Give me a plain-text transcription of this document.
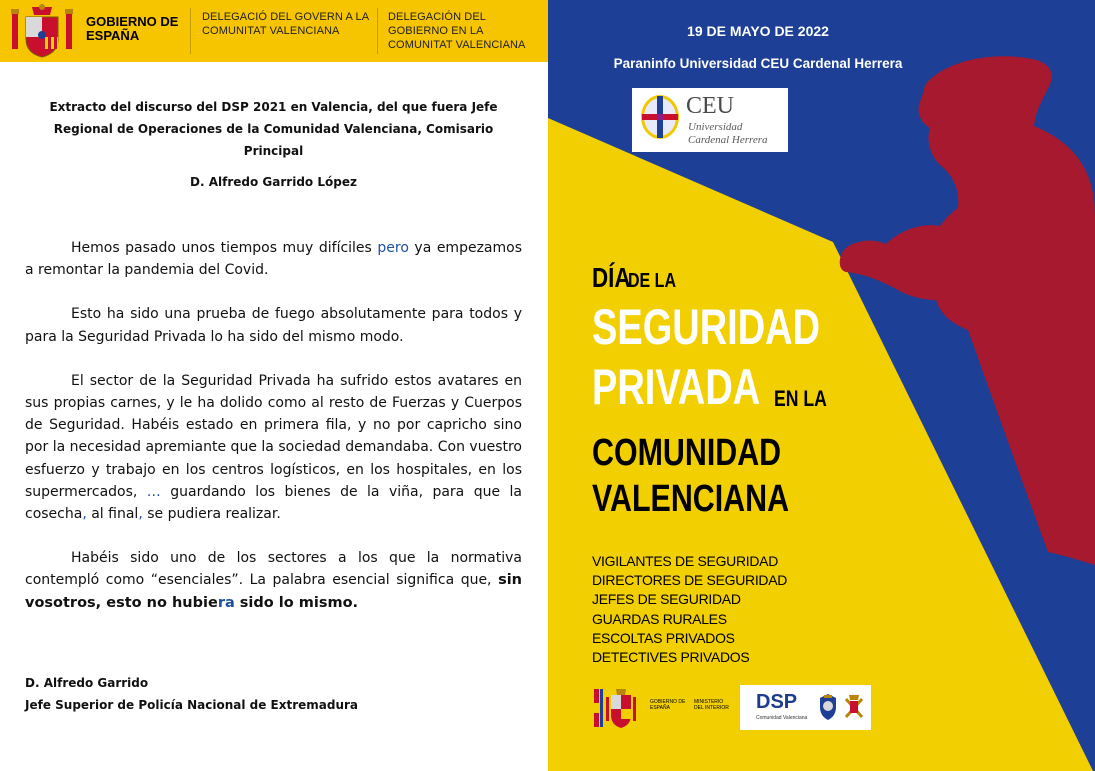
GOBIERNO DE ESPAÑA
DELEGACIÓ DEL GOVERN A LA COMUNITAT VALENCIANA
DELEGACIÓN DEL GOBIERNO EN LA COMUNITAT VALENCIANA

Extracto del discurso del DSP 2021 en Valencia, del que fuera Jefe Regional de Operaciones de la Comunidad Valenciana, Comisario Principal

D. Alfredo Garrido López

Hemos pasado unos tiempos muy difíciles pero ya empezamos a remontar la pandemia del Covid.

Esto ha sido una prueba de fuego absolutamente para todos y para la Seguridad Privada lo ha sido del mismo modo.

El sector de la Seguridad Privada ha sufrido estos avatares en sus propias carnes, y le ha dolido como al resto de Fuerzas y Cuerpos de Seguridad. Habéis estado en primera fila, y no por capricho sino por la necesidad apremiante que la sociedad demandaba. Con vuestro esfuerzo y trabajo en los centros logísticos, en los hospitales, en los supermercados, … guardando los bienes de la viña, para que la cosecha, al final, se pudiera realizar.

Habéis sido uno de los sectores a los que la normativa contempló como “esenciales”. La palabra esencial significa que, sin vosotros, esto no hubiera sido lo mismo.

D. Alfredo Garrido
Jefe Superior de Policía Nacional de Extremadura
19 DE MAYO DE 2022
Paraninfo Universidad CEU Cardenal Herrera
CEU
Universidad
Cardenal Herrera
DÍADE LA
SEGURIDAD
PRIVADA EN LA
COMUNIDAD
VALENCIANA
VIGILANTES DE SEGURIDAD
DIRECTORES DE SEGURIDAD
JEFES DE SEGURIDAD
GUARDAS RURALES
ESCOLTAS PRIVADOS
DETECTIVES PRIVADOS
GOBIERNO DE ESPAÑA
MINISTERIO DEL INTERIOR DSP
Comunidad Valenciana
